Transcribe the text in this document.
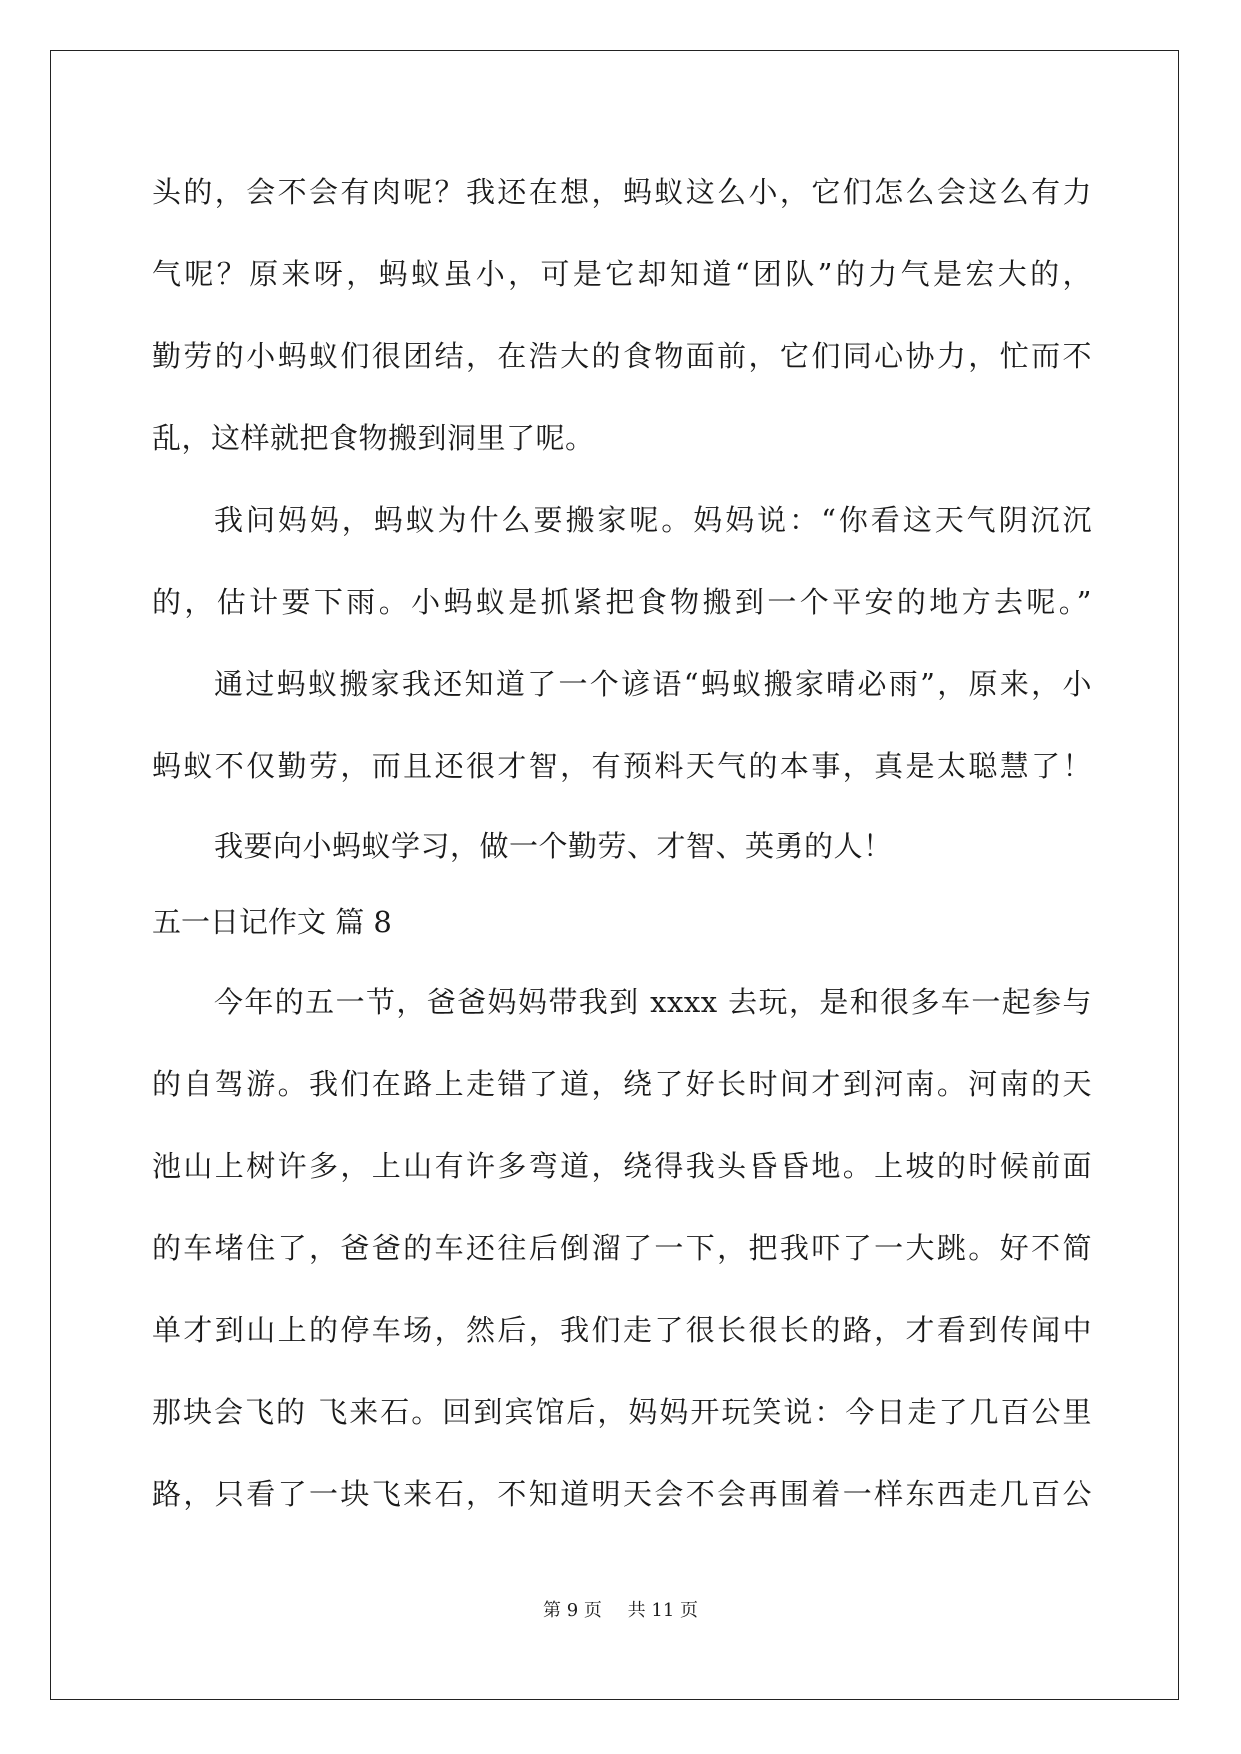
头的，会不会有肉呢？我还在想，蚂蚁这么小，它们怎么会这么有力
气呢？原来呀，蚂蚁虽小，可是它却知道“团队”的力气是宏大的，
勤劳的小蚂蚁们很团结，在浩大的食物面前，它们同心协力，忙而不
乱，这样就把食物搬到洞里了呢。
我问妈妈，蚂蚁为什么要搬家呢。妈妈说：“你看这天气阴沉沉
的，估计要下雨。小蚂蚁是抓紧把食物搬到一个平安的地方去呢。”
通过蚂蚁搬家我还知道了一个谚语“蚂蚁搬家晴必雨”，原来，小
蚂蚁不仅勤劳，而且还很才智，有预料天气的本事，真是太聪慧了！
我要向小蚂蚁学习，做一个勤劳、才智、英勇的人！
五一日记作文 篇 8
今年的五一节，爸爸妈妈带我到 xxxx 去玩，是和很多车一起参与
的自驾游。我们在路上走错了道，绕了好长时间才到河南。河南的天
池山上树许多，上山有许多弯道，绕得我头昏昏地。上坡的时候前面
的车堵住了，爸爸的车还往后倒溜了一下，把我吓了一大跳。好不简
单才到山上的停车场，然后，我们走了很长很长的路，才看到传闻中
那块会飞的 飞来石。回到宾馆后，妈妈开玩笑说：今日走了几百公里
路，只看了一块飞来石，不知道明天会不会再围着一样东西走几百公
第 9 页 共 11 页
